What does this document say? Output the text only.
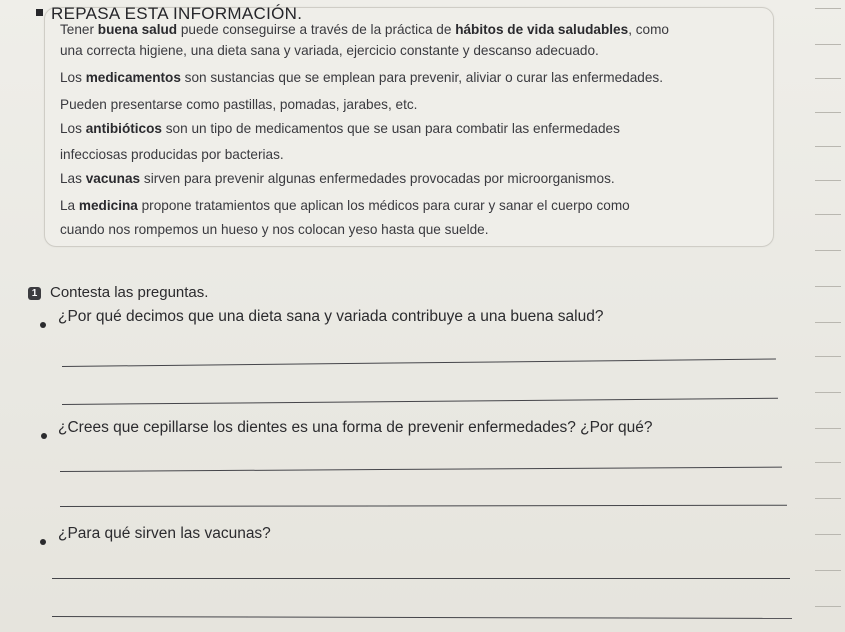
REPASA ESTA INFORMACIÓN.
Tener buena salud puede conseguirse a través de la práctica de hábitos de vida saludables, como
una correcta higiene, una dieta sana y variada, ejercicio constante y descanso adecuado.
Los medicamentos son sustancias que se emplean para prevenir, aliviar o curar las enfermedades.
Pueden presentarse como pastillas, pomadas, jarabes, etc.
Los antibióticos son un tipo de medicamentos que se usan para combatir las enfermedades
infecciosas producidas por bacterias.
Las vacunas sirven para prevenir algunas enfermedades provocadas por microorganismos.
La medicina propone tratamientos que aplican los médicos para curar y sanar el cuerpo como
cuando nos rompemos un hueso y nos colocan yeso hasta que suelde.
1 Contesta las preguntas.
¿Por qué decimos que una dieta sana y variada contribuye a una buena salud?
¿Crees que cepillarse los dientes es una forma de prevenir enfermedades? ¿Por qué?
¿Para qué sirven las vacunas?
